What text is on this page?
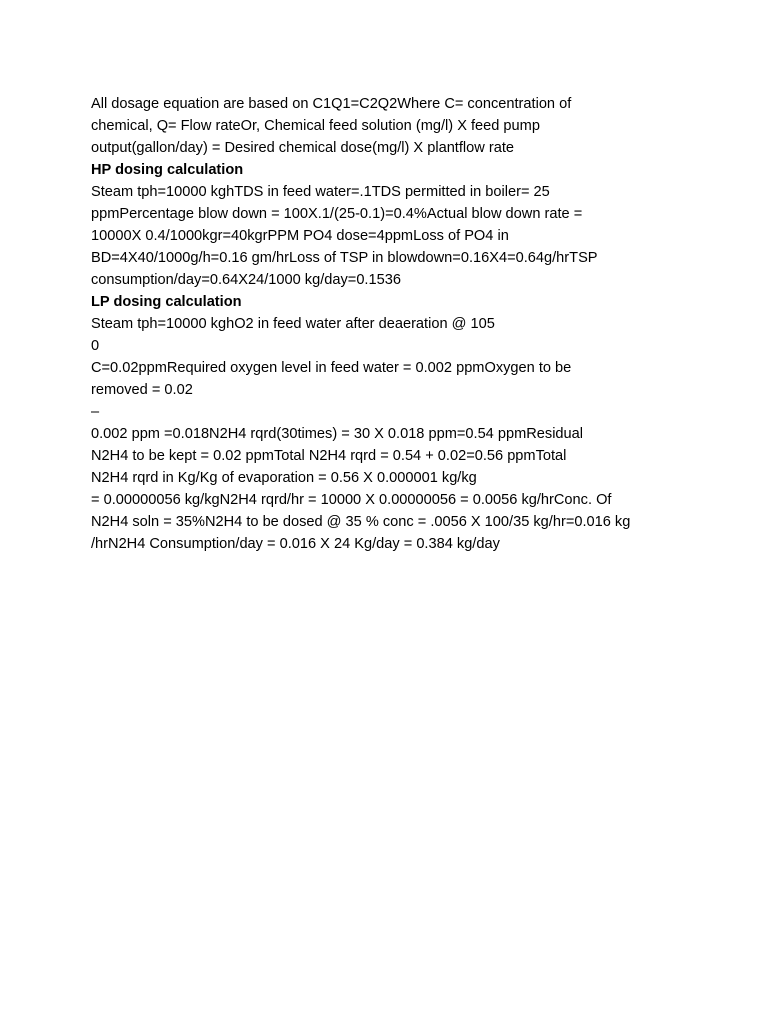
All dosage equation are based on C1Q1=C2Q2Where C= concentration of
chemical, Q= Flow rateOr, Chemical feed solution (mg/l) X feed pump
output(gallon/day) = Desired chemical dose(mg/l) X plantflow rate
HP dosing calculation
Steam tph=10000 kghTDS in feed water=.1TDS permitted in boiler= 25
ppmPercentage blow down = 100X.1/(25-0.1)=0.4%Actual blow down rate =
10000X 0.4/1000kgr=40kgrPPM PO4 dose=4ppmLoss of PO4 in
BD=4X40/1000g/h=0.16 gm/hrLoss of TSP in blowdown=0.16X4=0.64g/hrTSP
consumption/day=0.64X24/1000 kg/day=0.1536
LP dosing calculation
Steam tph=10000 kghO2 in feed water after deaeration @ 105
0
C=0.02ppmRequired oxygen level in feed water = 0.002 ppmOxygen to be
removed = 0.02
–
0.002 ppm =0.018N2H4 rqrd(30times) = 30 X 0.018 ppm=0.54 ppmResidual
N2H4 to be kept = 0.02 ppmTotal N2H4 rqrd = 0.54 + 0.02=0.56 ppmTotal
N2H4 rqrd in Kg/Kg of evaporation = 0.56 X 0.000001 kg/kg
= 0.00000056 kg/kgN2H4 rqrd/hr = 10000 X 0.00000056 = 0.0056 kg/hrConc. Of
N2H4 soln = 35%N2H4 to be dosed @ 35 % conc = .0056 X 100/35 kg/hr=0.016 kg
/hrN2H4 Consumption/day = 0.016 X 24 Kg/day = 0.384 kg/day
